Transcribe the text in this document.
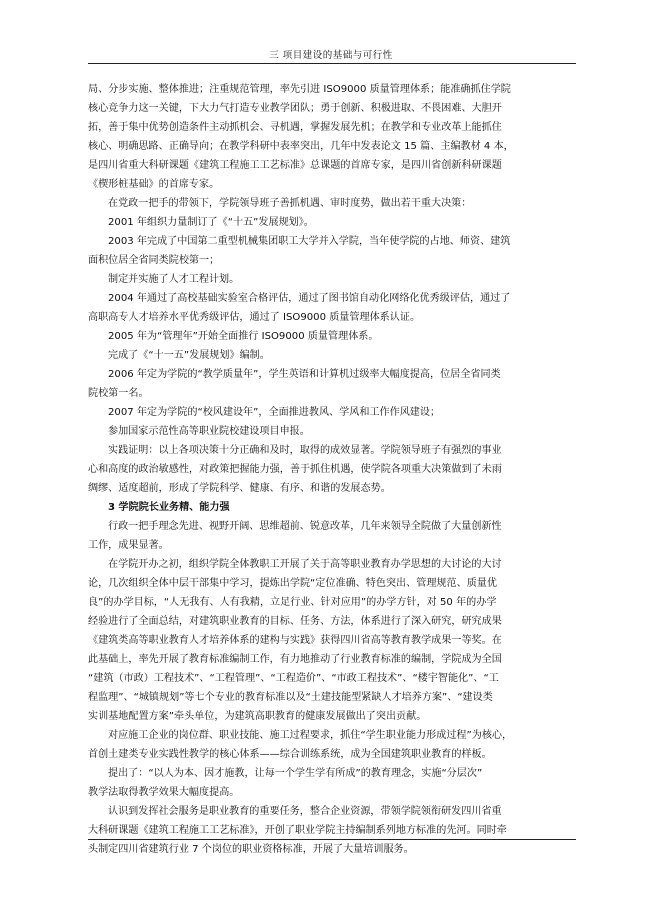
三 项目建设的基础与可行性

局、分步实施、整体推进；注重规范管理，率先引进 ISO9000 质量管理体系；能准确抓住学院

核心竞争力这一关键，下大力气打造专业教学团队；勇于创新、积极进取、不畏困难、大胆开

拓，善于集中优势创造条件主动抓机会、寻机遇，掌握发展先机；在教学和专业改革上能抓住

核心、明确思路、正确导向；在教学科研中表率突出，几年中发表论文 15 篇、主编教材 4 本，

是四川省重大科研课题《建筑工程施工工艺标准》总课题的首席专家，是四川省创新科研课题

《楔形桩基础》的首席专家。

在党政一把手的带领下，学院领导班子善抓机遇、审时度势，做出若干重大决策：

2001 年组织力量制订了《“十五”发展规划》。

2003 年完成了中国第二重型机械集团职工大学并入学院，当年使学院的占地、师资、建筑

面积位居全省同类院校第一；

制定并实施了人才工程计划。

2004 年通过了高校基础实验室合格评估，通过了图书馆自动化网络化优秀级评估，通过了

高职高专人才培养水平优秀级评估，通过了 ISO9000 质量管理体系认证。

2005 年为“管理年”开始全面推行 ISO9000 质量管理体系。

完成了《“十一五”发展规划》编制。

2006 年定为学院的“教学质量年”，学生英语和计算机过级率大幅度提高，位居全省同类

院校第一名。

2007 年定为学院的“校风建设年”，全面推进教风、学风和工作作风建设；

参加国家示范性高等职业院校建设项目申报。

实践证明：以上各项决策十分正确和及时，取得的成效显著。学院领导班子有强烈的事业

心和高度的政治敏感性，对政策把握能力强，善于抓住机遇，使学院各项重大决策做到了未雨

绸缪、适度超前，形成了学院科学、健康、有序、和谐的发展态势。

3 学院院长业务精、能力强

行政一把手理念先进、视野开阔、思维超前、锐意改革，几年来领导全院做了大量创新性

工作，成果显著。

在学院开办之初，组织学院全体教职工开展了关于高等职业教育办学思想的大讨论的大讨

论，几次组织全体中层干部集中学习，提炼出学院“定位准确、特色突出、管理规范、质量优

良”的办学目标，“人无我有、人有我精，立足行业、针对应用”的办学方针，对 50 年的办学

经验进行了全面总结，对建筑职业教育的目标、任务、方法，体系进行了深入研究，研究成果

《建筑类高等职业教育人才培养体系的建构与实践》获得四川省高等教育教学成果一等奖。在

此基础上，率先开展了教育标准编制工作，有力地推动了行业教育标准的编制，学院成为全国

“建筑（市政）工程技术”、“工程管理”、“工程造价”、“市政工程技术”、“楼宇智能化”、“工

程监理”、“城镇规划”等七个专业的教育标准以及“土建技能型紧缺人才培养方案”、“建设类

实训基地配置方案”牵头单位，为建筑高职教育的健康发展做出了突出贡献。

对应施工企业的岗位群、职业技能、施工过程要求，抓住“学生职业能力形成过程”为核心，

首创土建类专业实践性教学的核心体系——综合训练系统，成为全国建筑职业教育的样板。

提出了：“以人为本、因才施教，让每一个学生学有所成”的教育理念，实施“分层次”

教学法取得教学效果大幅度提高。

认识到发挥社会服务是职业教育的重要任务，整合企业资源，带领学院领衔研发四川省重

大科研课题《建筑工程施工工艺标准》，开创了职业学院主持编制系列地方标准的先河。同时牵

头制定四川省建筑行业 7 个岗位的职业资格标准，开展了大量培训服务。
